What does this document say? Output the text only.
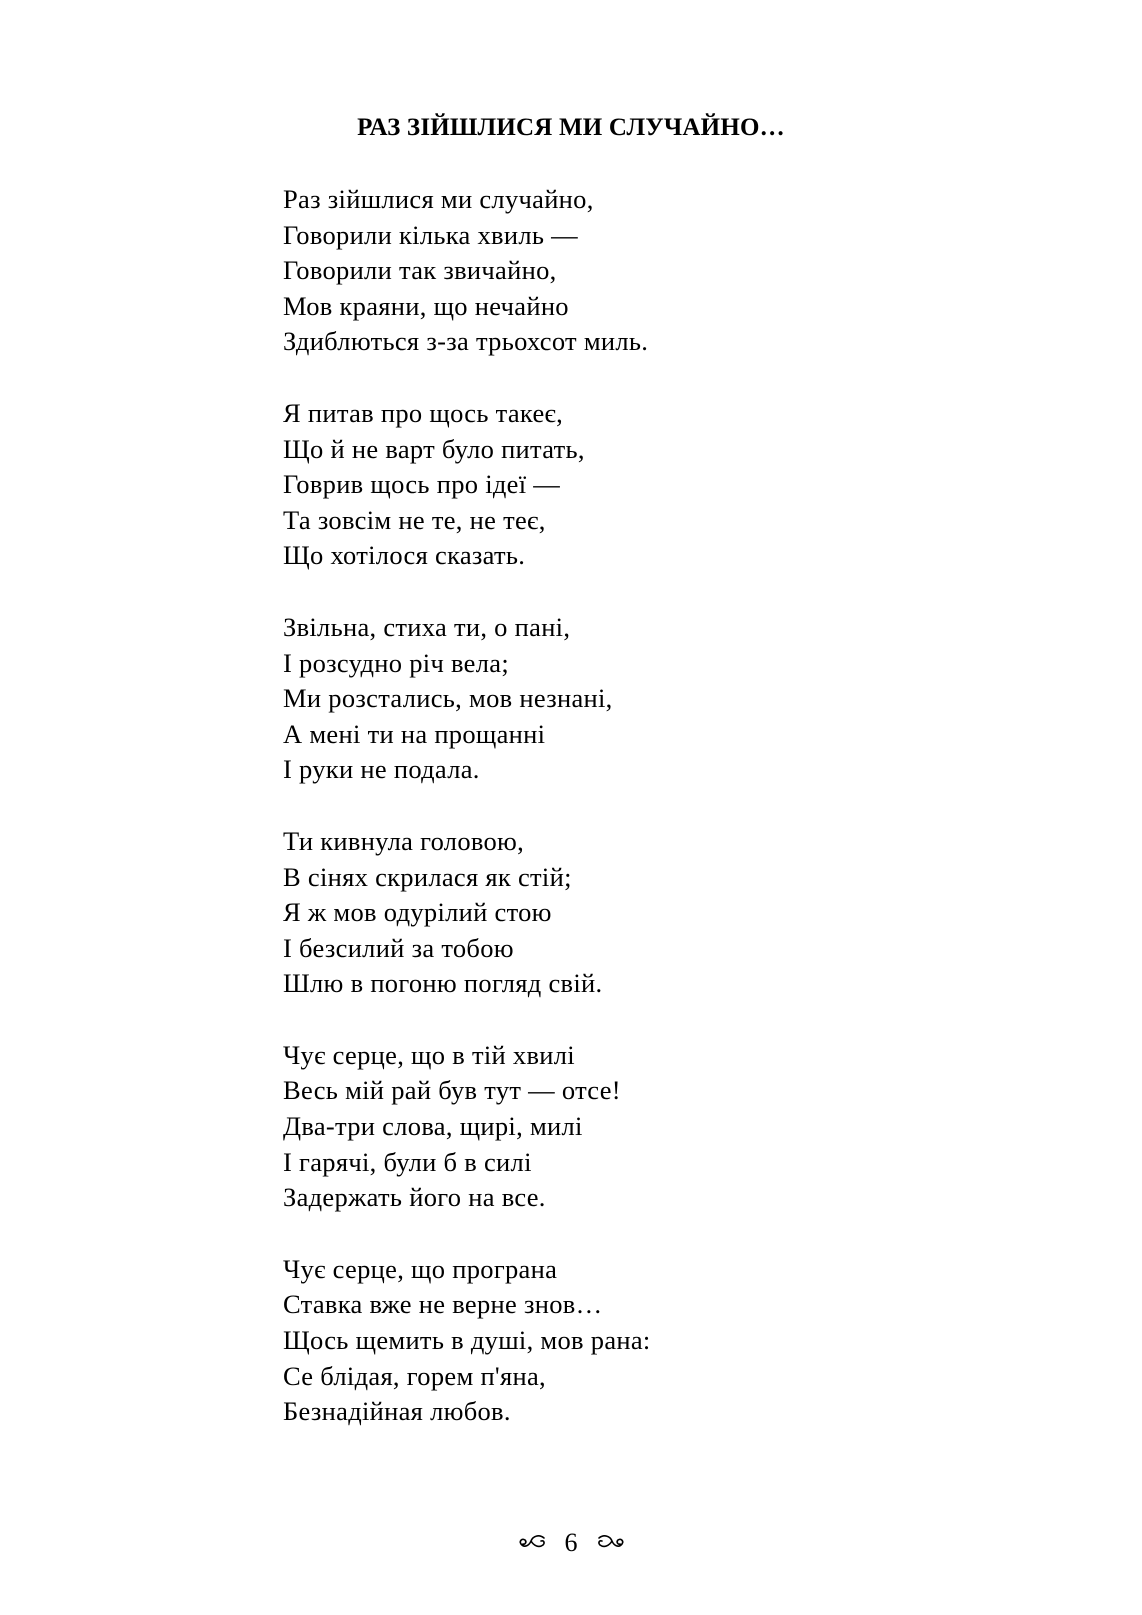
РАЗ ЗІЙШЛИСЯ МИ СЛУЧАЙНО…
Раз зійшлися ми случайно,
Говорили кілька хвиль —
Говорили так звичайно,
Мов краяни, що нечайно
Здиблються з-за трьохсот миль.
Я питав про щось такеє,
Що й не варт було питать,
Говрив щось про ідеї —
Та зовсім не те, не теє,
Що хотілося сказать.
Звільна, стиха ти, о пані,
І розсудно річ вела;
Ми розстались, мов незнані,
А мені ти на прощанні
І руки не подала.
Ти кивнула головою,
В сінях скрилася як стій;
Я ж мов одурілий стою
І безсилий за тобою
Шлю в погоню погляд свій.
Чує серце, що в тій хвилі
Весь мій рай був тут — отсе!
Два-три слова, щирі, милі
І гарячі, були б в силі
Задержать його на все.
Чує серце, що програна
Ставка вже не верне знов…
Щось щемить в душі, мов рана:
Се блідая, горем п'яна,
Безнадійная любов.
6
